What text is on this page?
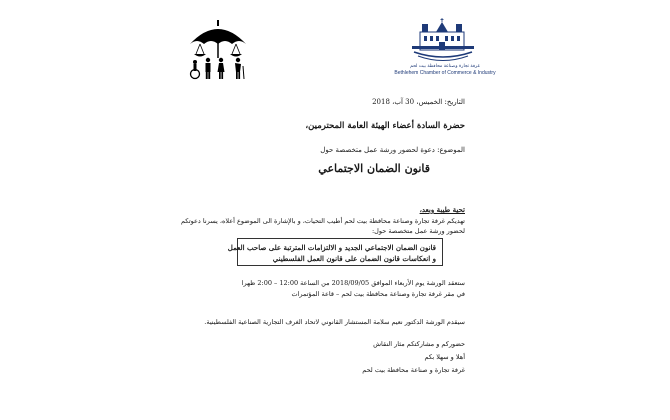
غرفة تجارة وصناعة محافظة بيت لحم
Bethlehem Chamber of Commerce & Industry
التاريخ: الخميس، 30 آب، 2018
حضرة السادة أعضاء الهيئة العامة المحترمين،
الموضوع: دعوة لحضور ورشة عمل متخصصة حول
قانون الضمان الاجتماعي
تحية طيبة وبعد،
تهديكم غرفة تجارة وصناعة محافظة بيت لحم أطيب التحيات، و بالإشارة الى الموضوع أعلاه، يسرنا دعوتكم
لحضور ورشة عمل متخصصة حول:
قانون الضمان الاجتماعي الجديد و الالتزامات المترتبة على صاحب العمل
و انعكاسات قانون الضمان على قانون العمل الفلسطيني
ستعقد الورشة يوم الأربعاء الموافق 2018/09/05 من الساعة 12:00 – 2:00 ظهرا
في مقر غرفة تجارة وصناعة محافظة بيت لحم – قاعة المؤتمرات
سيقدم الورشة الدكتور نعيم سلامة المستشار القانوني لاتحاد الغرف التجارية الصناعية الفلسطينية.
حضوركم و مشاركتكم مثار النقاش
أهلا و سهلا بكم
غرفة تجارة و صناعة محافظة بيت لحم
